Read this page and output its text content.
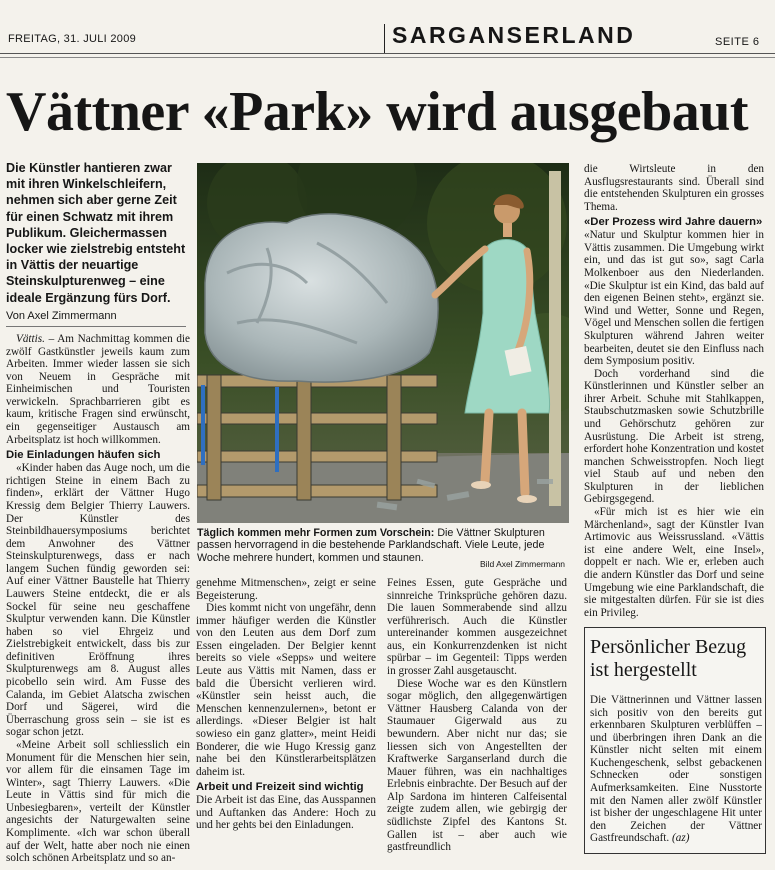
FREITAG, 31. JULI 2009	SARGANSERLAND	SEITE 6
Vättner «Park» wird ausgebaut
Die Künstler hantieren zwar mit ihren Winkelschleifern, nehmen sich aber gerne Zeit für einen Schwatz mit ihrem Publikum. Gleichermassen locker wie zielstrebig entsteht in Vättis der neuartige Steinskulpturenweg – eine ideale Ergänzung fürs Dorf.
Von Axel Zimmermann

Vättis. – Am Nachmittag kommen die zwölf Gastkünstler jeweils kaum zum Arbeiten. Immer wieder lassen sie sich von Neuem in Gespräche mit Einheimischen und Touristen verwickeln. Sprachbarrieren gibt es kaum, kritische Fragen sind erwünscht, ein gegenseitiger Austausch am Arbeitsplatz ist hoch willkommen.

Die Einladungen häufen sich

«Kinder haben das Auge noch, um die richtigen Steine in einem Bach zu finden», erklärt der Vättner Hugo Kressig dem Belgier Thierry Lauwers. Der Künstler des Steinbildhauersymposiums berichtet dem Anwohner des Vättner Steinskulpturenwegs, dass er nach langem Suchen fündig geworden sei: Auf einer Vättner Baustelle hat Thierry Lauwers Steine entdeckt, die er als Sockel für seine neu geschaffene Skulptur verwenden kann. Die Künstler haben so viel Ehrgeiz und Zielstrebigkeit entwickelt, dass bis zur definitiven Eröffnung ihres Skulpturenwegs am 8. August alles picobello sein wird. Am Fusse des Calanda, im Gebiet Alatscha zwischen Dorf und Sägerei, wird die Überraschung gross sein – sie ist es sogar schon jetzt.

«Meine Arbeit soll schliesslich ein Monument für die Menschen hier sein, vor allem für die einsamen Tage im Winter», sagt Thierry Lauwers. «Die Leute in Vättis sind für mich die Unbesiegbaren», verteilt der Künstler angesichts der Naturgewalten seine Komplimente. «Ich war schon überall auf der Welt, hatte aber noch nie einen solch schönen Arbeitsplatz und so an-

genehme Mitmenschen», zeigt er seine Begeisterung.

Dies kommt nicht von ungefähr, denn immer häufiger werden die Künstler von den Leuten aus dem Dorf zum Essen eingeladen. Der Belgier kennt bereits so viele «Sepps» und weitere Leute aus Vättis mit Namen, dass er bald die Übersicht verlieren wird. «Künstler sein heisst auch, die Menschen kennenzulernen», betont er allerdings. «Dieser Belgier ist halt sowieso ein ganz glatter», meint Heidi Bonderer, die wie Hugo Kressig ganz nahe bei den Künstlerarbeitsplätzen daheim ist.

Arbeit und Freizeit sind wichtig

Die Arbeit ist das Eine, das Ausspannen und Auftanken das Andere: Hoch zu und her gehts bei den Einladungen.

Feines Essen, gute Gespräche und sinnreiche Trinksprüche gehören dazu. Die lauen Sommerabende sind allzu verführerisch. Auch die Künstler untereinander kommen ausgezeichnet aus, ein Konkurrenzdenken ist nicht spürbar – im Gegenteil: Tipps werden in grosser Zahl ausgetauscht.

Diese Woche war es den Künstlern sogar möglich, den allgegenwärtigen Vättner Hausberg Calanda von der Staumauer Gigerwald aus zu bewundern. Aber nicht nur das; sie liessen sich von Angestellten der Kraftwerke Sarganserland durch die Mauer führen, was ein nachhaltiges Erlebnis einbrachte. Der Besuch auf der Alp Sardona im hinteren Calfeisental zeigte zudem allen, wie gebirgig der südlichste Zipfel des Kantons St. Gallen ist – aber auch wie gastfreundlich

die Wirtsleute in den Ausflugsrestaurants sind. Überall sind die entstehenden Skulpturen ein grosses Thema.

«Der Prozess wird Jahre dauern»

«Natur und Skulptur kommen hier in Vättis zusammen. Die Umgebung wirkt ein, und das ist gut so», sagt Carla Molkenboer aus den Niederlanden. «Die Skulptur ist ein Kind, das bald auf den eigenen Beinen steht», ergänzt sie. Wind und Wetter, Sonne und Regen, Vögel und Menschen sollen die fertigen Skulpturen während Jahren weiter bearbeiten, deutet sie den Einfluss nach dem Symposium positiv.

Doch vorderhand sind die Künstlerinnen und Künstler selber an ihrer Arbeit. Schuhe mit Stahlkappen, Staubschutzmasken sowie Schutzbrille und Gehörschutz gehören zur Ausrüstung. Die Arbeit ist streng, erfordert hohe Konzentration und kostet manchen Schweisstropfen. Noch liegt viel Staub auf und neben den Skulpturen in der lieblichen Gebirgsgegend.

«Für mich ist es hier wie ein Märchenland», sagt der Künstler Ivan Artimovic aus Weissrussland. «Vättis ist eine andere Welt, eine Insel», doppelt er nach. Wie er, erleben auch die andern Künstler das Dorf und seine Umgebung wie eine Parklandschaft, die sie mitgestalten dürfen. Für sie ist dies ein Privileg.

Täglich kommen mehr Formen zum Vorschein: Die Vättner Skulpturen passen hervorragend in die bestehende Parklandschaft. Viele Leute, jede Woche mehrere hundert, kommen und staunen.
Bild Axel Zimmermann
Persönlicher Bezug ist hergestellt

Die Vättnerinnen und Vättner lassen sich positiv von den bereits gut erkennbaren Skulpturen verblüffen – und überbringen ihren Dank an die Künstler nicht selten mit einem Kuchengeschenk, selbst gebackenen Schnecken oder sonstigen Aufmerksamkeiten. Eine Nusstorte mit den Namen aller zwölf Künstler ist bisher der ungeschlagene Hit unter den Zeichen der Vättner Gastfreundschaft. (az)
